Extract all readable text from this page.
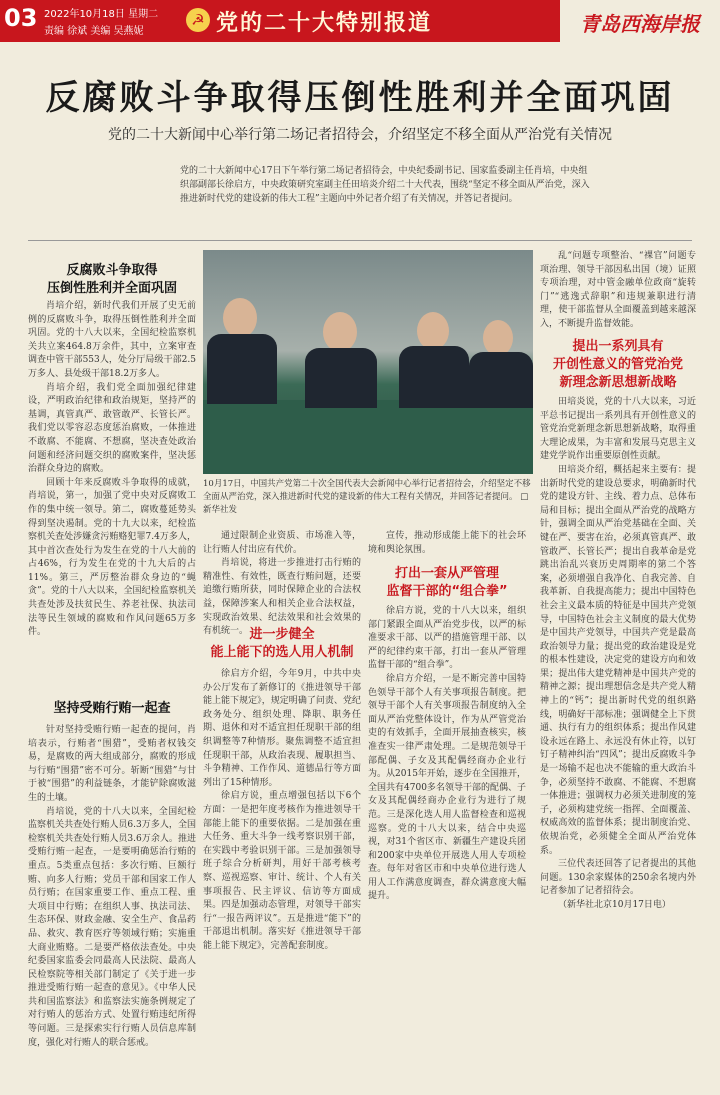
03 2022年10月18日 星期二
责编 徐斌 美编 吴燕妮
☭ 党的二十大特别报道	青岛西海岸报
反腐败斗争取得压倒性胜利并全面巩固
党的二十大新闻中心举行第二场记者招待会，介绍坚定不移全面从严治党有关情况
党的二十大新闻中心17日下午举行第二场记者招待会，中央纪委副书记、国家监委副主任肖培，中央组织部副部长徐启方，中央政策研究室副主任田培炎介绍二十大代表，围绕“坚定不移全面从严治党，深入推进新时代党的建设新的伟大工程”主题向中外记者介绍了有关情况，并答记者提问。
反腐败斗争取得
压倒性胜利并全面巩固

肖培介绍，新时代我们开展了史无前例的反腐败斗争，取得压倒性胜利并全面巩固。党的十八大以来，全国纪检监察机关共立案464.8万余件，其中，立案审查调查中管干部553人，处分厅局级干部2.5万多人、县处级干部18.2万多人。

肖培介绍，我们党全面加强纪律建设，严明政治纪律和政治规矩，坚持严的基调，真管真严、敢管敢严、长管长严。我们党以零容忍态度惩治腐败，一体推进不敢腐、不能腐、不想腐，坚决查处政治问题和经济问题交织的腐败案件，坚决惩治群众身边的腐败。

回顾十年来反腐败斗争取得的成就，肖培说，第一，加强了党中央对反腐败工作的集中统一领导。第二，腐败蔓延势头得到坚决遏制。党的十九大以来，纪检监察机关查处涉嫌贪污贿赂犯罪7.4万多人，其中首次查处行为发生在党的十八大前的占46%，行为发生在党的十九大后的占11%。第三，严厉整治群众身边的“蝇贪”。党的十八大以来，全国纪检监察机关共查处涉及扶贫民生、养老社保、执法司法等民生领域的腐败和作风问题65万多件。

坚持受贿行贿一起查

针对坚持受贿行贿一起查的提问，肖培表示，行贿者“围猎”，受贿者权钱交易，是腐败的两大组成部分，腐败的形成与行贿“围猎”密不可分。斩断“围猎”与甘于被“围猎”的利益链条，才能铲除腐败滋生的土壤。

肖培说，党的十八大以来，全国纪检监察机关共查处行贿人员6.3万多人，全国检察机关共查处行贿人员3.6万余人。推进受贿行贿一起查，一是要明确惩治行贿的重点。5类重点包括：多次行贿、巨额行贿、向多人行贿；党员干部和国家工作人员行贿；在国家重要工作、重点工程、重大项目中行贿；在组织人事、执法司法、生态环保、财政金融、安全生产、食品药品、救灾、教育医疗等领域行贿；实施重大商业贿赂。二是要严格依法查处。中央纪委国家监委会同最高人民法院、最高人民检察院等相关部门制定了《关于进一步推进受贿行贿一起查的意见》。《中华人民共和国监察法》和监察法实施条例规定了对行贿人的惩治方式、处置行贿违纪所得等问题。三是探索实行行贿人员信息库制度，强化对行贿人的联合惩戒。

10月17日，中国共产党第二十次全国代表大会新闻中心举行记者招待会，介绍坚定不移全面从严治党，深入推进新时代党的建设新的伟大工程有关情况，并回答记者提问。 □新华社发

通过限制企业资质、市场准入等，让行贿人付出应有代价。

肖培说，将进一步推进打击行贿的精准性、有效性，既查行贿问题，还要追缴行贿所获，同时保障企业的合法权益，保障涉案人和相关企业合法权益，实现政治效果、纪法效果和社会效果的有机统一。 进一步健全
能上能下的选人用人机制

徐启方介绍，今年9月，中共中央办公厅发布了新修订的《推进领导干部能上能下规定》，规定明确了问责、党纪政务处分、组织处理、降职、职务任期、退休和对不适宜担任现职干部的组织调整等7种情形。聚焦调整不适宜担任现职干部，从政治表现、履职担当、斗争精神、工作作风、道德品行等方面列出了15种情形。

徐启方说，重点增强包括以下6个方面：一是把年度考核作为推进领导干部能上能下的重要依据。二是加强在重大任务、重大斗争一线考察识别干部，在实践中考验识别干部。三是加强领导班子综合分析研判，用好干部考核考察、巡视巡察、审计、统计、个人有关事项报告、民主评议、信访等方面成果。四是加强动态管理，对领导干部实行“一报告两评议”。五是推进“能下”的干部退出机制。落实好《推进领导干部能上能下规定》，完善配套制度。

宣传，推动形成能上能下的社会环境和舆论氛围。

打出一套从严管理
监督干部的“组合拳”

徐启方说，党的十八大以来，组织部门紧跟全面从严治党步伐，以严的标准要求干部、以严的措施管理干部、以严的纪律约束干部，打出一套从严管理监督干部的“组合拳”。

徐启方介绍，一是不断完善中国特色领导干部个人有关事项报告制度。把领导干部个人有关事项报告制度纳入全面从严治党整体设计，作为从严管党治吏的有效抓手，全面开展抽查核实，核准查实一律严肃处理。二是规范领导干部配偶、子女及其配偶经商办企业行为。从2015年开始，逐步在全国推开，全国共有4700多名领导干部的配偶、子女及其配偶经商办企业行为进行了规范。三是深化选人用人监督检查和巡视巡察。党的十八大以来，结合中央巡视，对31个省区市、新疆生产建设兵团和200家中央单位开展选人用人专项检查。每年对省区市和中央单位进行选人用人工作满意度调查，群众满意度大幅提升。

乱“问题专项整治、“裸官”问题专项治理、领导干部因私出国（境）证照专项治理，对中管金融单位政商“旋转门”“逃逸式辞职”和违规兼职进行清理，使干部监督从全面覆盖到越来越深入，不断提升监督效能。

提出一系列具有
开创性意义的管党治党
新理念新思想新战略

田培炎说，党的十八大以来，习近平总书记提出一系列具有开创性意义的管党治党新理念新思想新战略，取得重大理论成果，为丰富和发展马克思主义建党学说作出重要原创性贡献。

田培炎介绍，概括起来主要有：提出新时代党的建设总要求，明确新时代党的建设方针、主线、着力点、总体布局和目标；提出全面从严治党的战略方针，强调全面从严治党基础在全面、关键在严、要害在治，必须真管真严、敢管敢严、长管长严；提出自我革命是党跳出治乱兴衰历史周期率的第二个答案，必须增强自我净化、自我完善、自我革新、自我提高能力；提出中国特色社会主义最本质的特征是中国共产党领导，中国特色社会主义制度的最大优势是中国共产党领导，中国共产党是最高政治领导力量；提出党的政治建设是党的根本性建设，决定党的建设方向和效果；提出伟大建党精神是中国共产党的精神之源；提出理想信念是共产党人精神上的“钙”；提出新时代党的组织路线，明确好干部标准；强调健全上下贯通、执行有力的组织体系；提出作风建设永远在路上、永远没有休止符，以钉钉子精神纠治“四风”；提出反腐败斗争是一场输不起也决不能输的重大政治斗争，必须坚持不敢腐、不能腐、不想腐一体推进；强调权力必须关进制度的笼子，必须构建党统一指挥、全面覆盖、权威高效的监督体系；提出制度治党、依规治党，必须健全全面从严治党体系。

三位代表还回答了记者提出的其他问题。130余家媒体的250余名境内外记者参加了记者招待会。

（新华社北京10月17日电）
